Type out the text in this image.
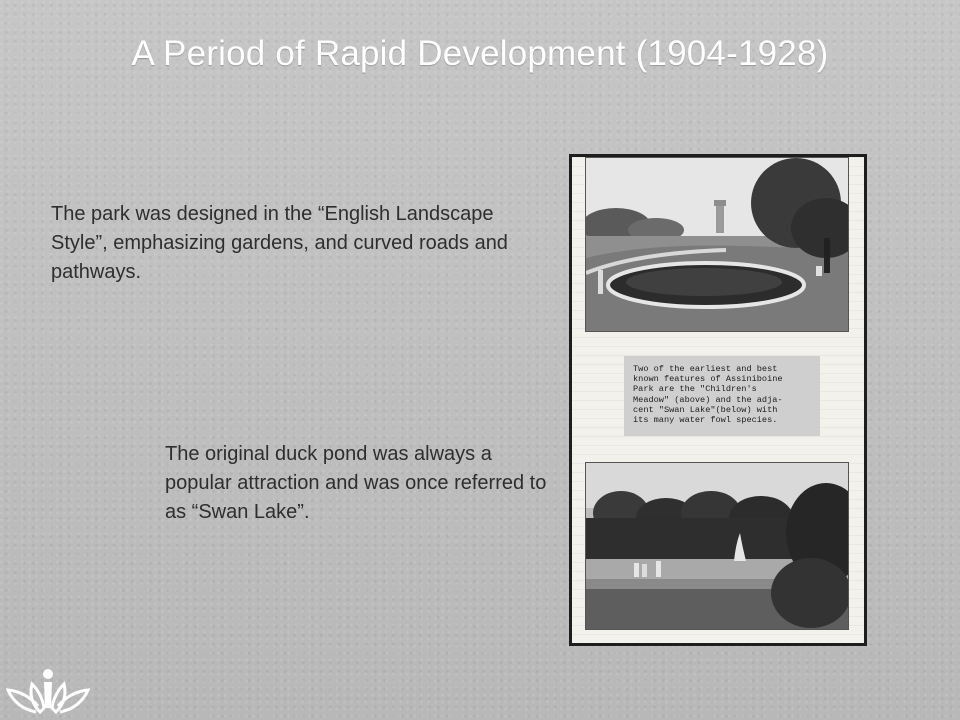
A Period of Rapid Development (1904-1928)
The park was designed in the “English Landscape Style”, emphasizing gardens, and curved roads and pathways.
The original duck pond was always a popular attraction and was once referred to as “Swan Lake”.
Two of the earliest and best
known features of Assiniboine
Park are the "Children's
Meadow" (above) and the adja-
cent "Swan Lake"(below) with
its many water fowl species.
